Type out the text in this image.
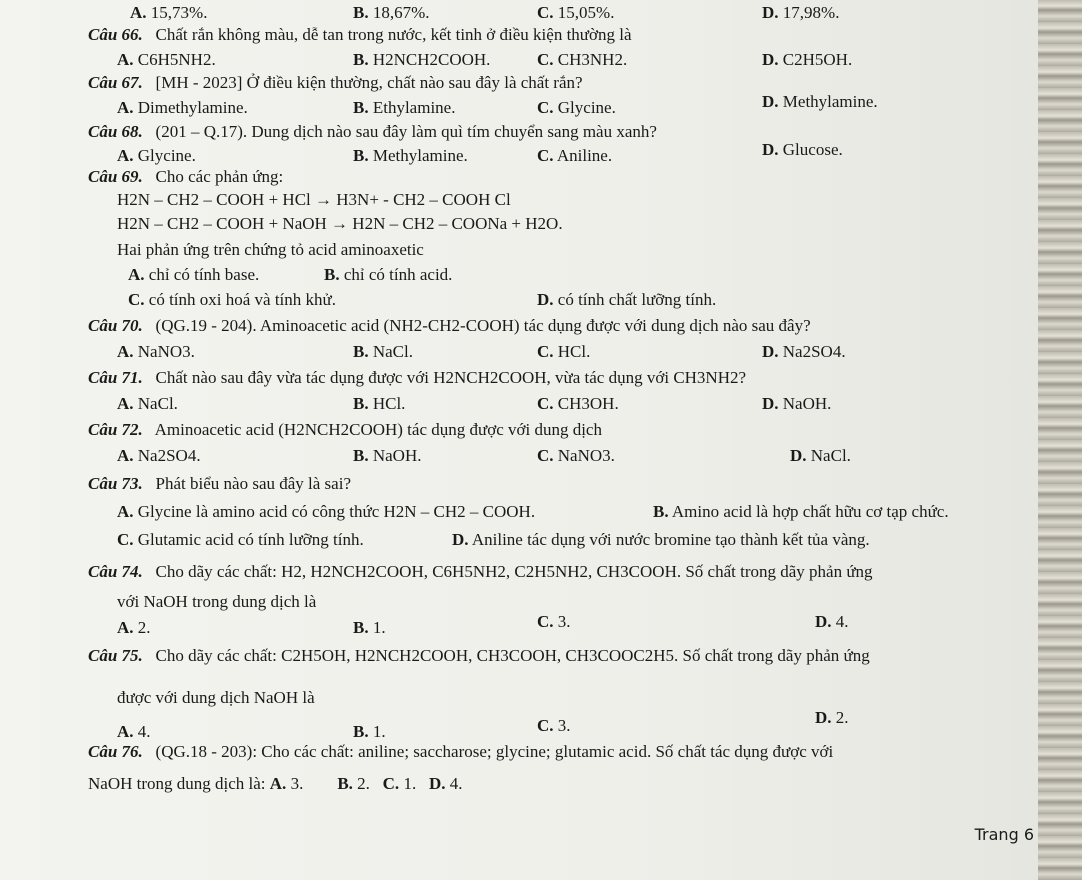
A. 15,73%.	B. 18,67%.	C. 15,05%.	D. 17,98%.
Câu 66. Chất rắn không màu, dễ tan trong nước, kết tinh ở điều kiện thường là
A. C6H5NH2.	B. H2NCH2COOH.	C. CH3NH2.	D. C2H5OH.
Câu 67. [MH - 2023] Ở điều kiện thường, chất nào sau đây là chất rắn?
A. Dimethylamine.	B. Ethylamine.	C. Glycine.	D. Methylamine.
Câu 68. (201 – Q.17). Dung dịch nào sau đây làm quì tím chuyển sang màu xanh?
A. Glycine.	B. Methylamine.	C. Aniline.	D. Glucose.
Câu 69. Cho các phản ứng:
H2N – CH2 – COOH + HCl → H3N+ - CH2 – COOH Cl
H2N – CH2 – COOH + NaOH → H2N – CH2 – COONa + H2O.
Hai phản ứng trên chứng tỏ acid aminoaxetic
A. chỉ có tính base.	B. chỉ có tính acid.
C. có tính oxi hoá và tính khử.	D. có tính chất lưỡng tính.
Câu 70. (QG.19 - 204). Aminoacetic acid (NH2-CH2-COOH) tác dụng được với dung dịch nào sau đây?
A. NaNO3.	B. NaCl.	C. HCl.	D. Na2SO4.
Câu 71. Chất nào sau đây vừa tác dụng được với H2NCH2COOH, vừa tác dụng với CH3NH2?
A. NaCl.	B. HCl.	C. CH3OH.	D. NaOH.
Câu 72. Aminoacetic acid (H2NCH2COOH) tác dụng được với dung dịch
A. Na2SO4.	B. NaOH.	C. NaNO3.	D. NaCl.
Câu 73. Phát biểu nào sau đây là sai?
A. Glycine là amino acid có công thức H2N – CH2 – COOH.	B. Amino acid là hợp chất hữu cơ tạp chức.
C. Glutamic acid có tính lưỡng tính.	D. Aniline tác dụng với nước bromine tạo thành kết tủa vàng.
Câu 74. Cho dãy các chất: H2, H2NCH2COOH, C6H5NH2, C2H5NH2, CH3COOH. Số chất trong dãy phản ứng
với NaOH trong dung dịch là
A. 2.	B. 1.	C. 3.	D. 4.
Câu 75. Cho dãy các chất: C2H5OH, H2NCH2COOH, CH3COOH, CH3COOC2H5. Số chất trong dãy phản ứng
được với dung dịch NaOH là
A. 4.	B. 1.	C. 3.	D. 2.
Câu 76. (QG.18 - 203): Cho các chất: aniline; saccharose; glycine; glutamic acid. Số chất tác dụng được với
NaOH trong dung dịch là: A. 3. B. 2. C. 1. D. 4.
Trang 6
